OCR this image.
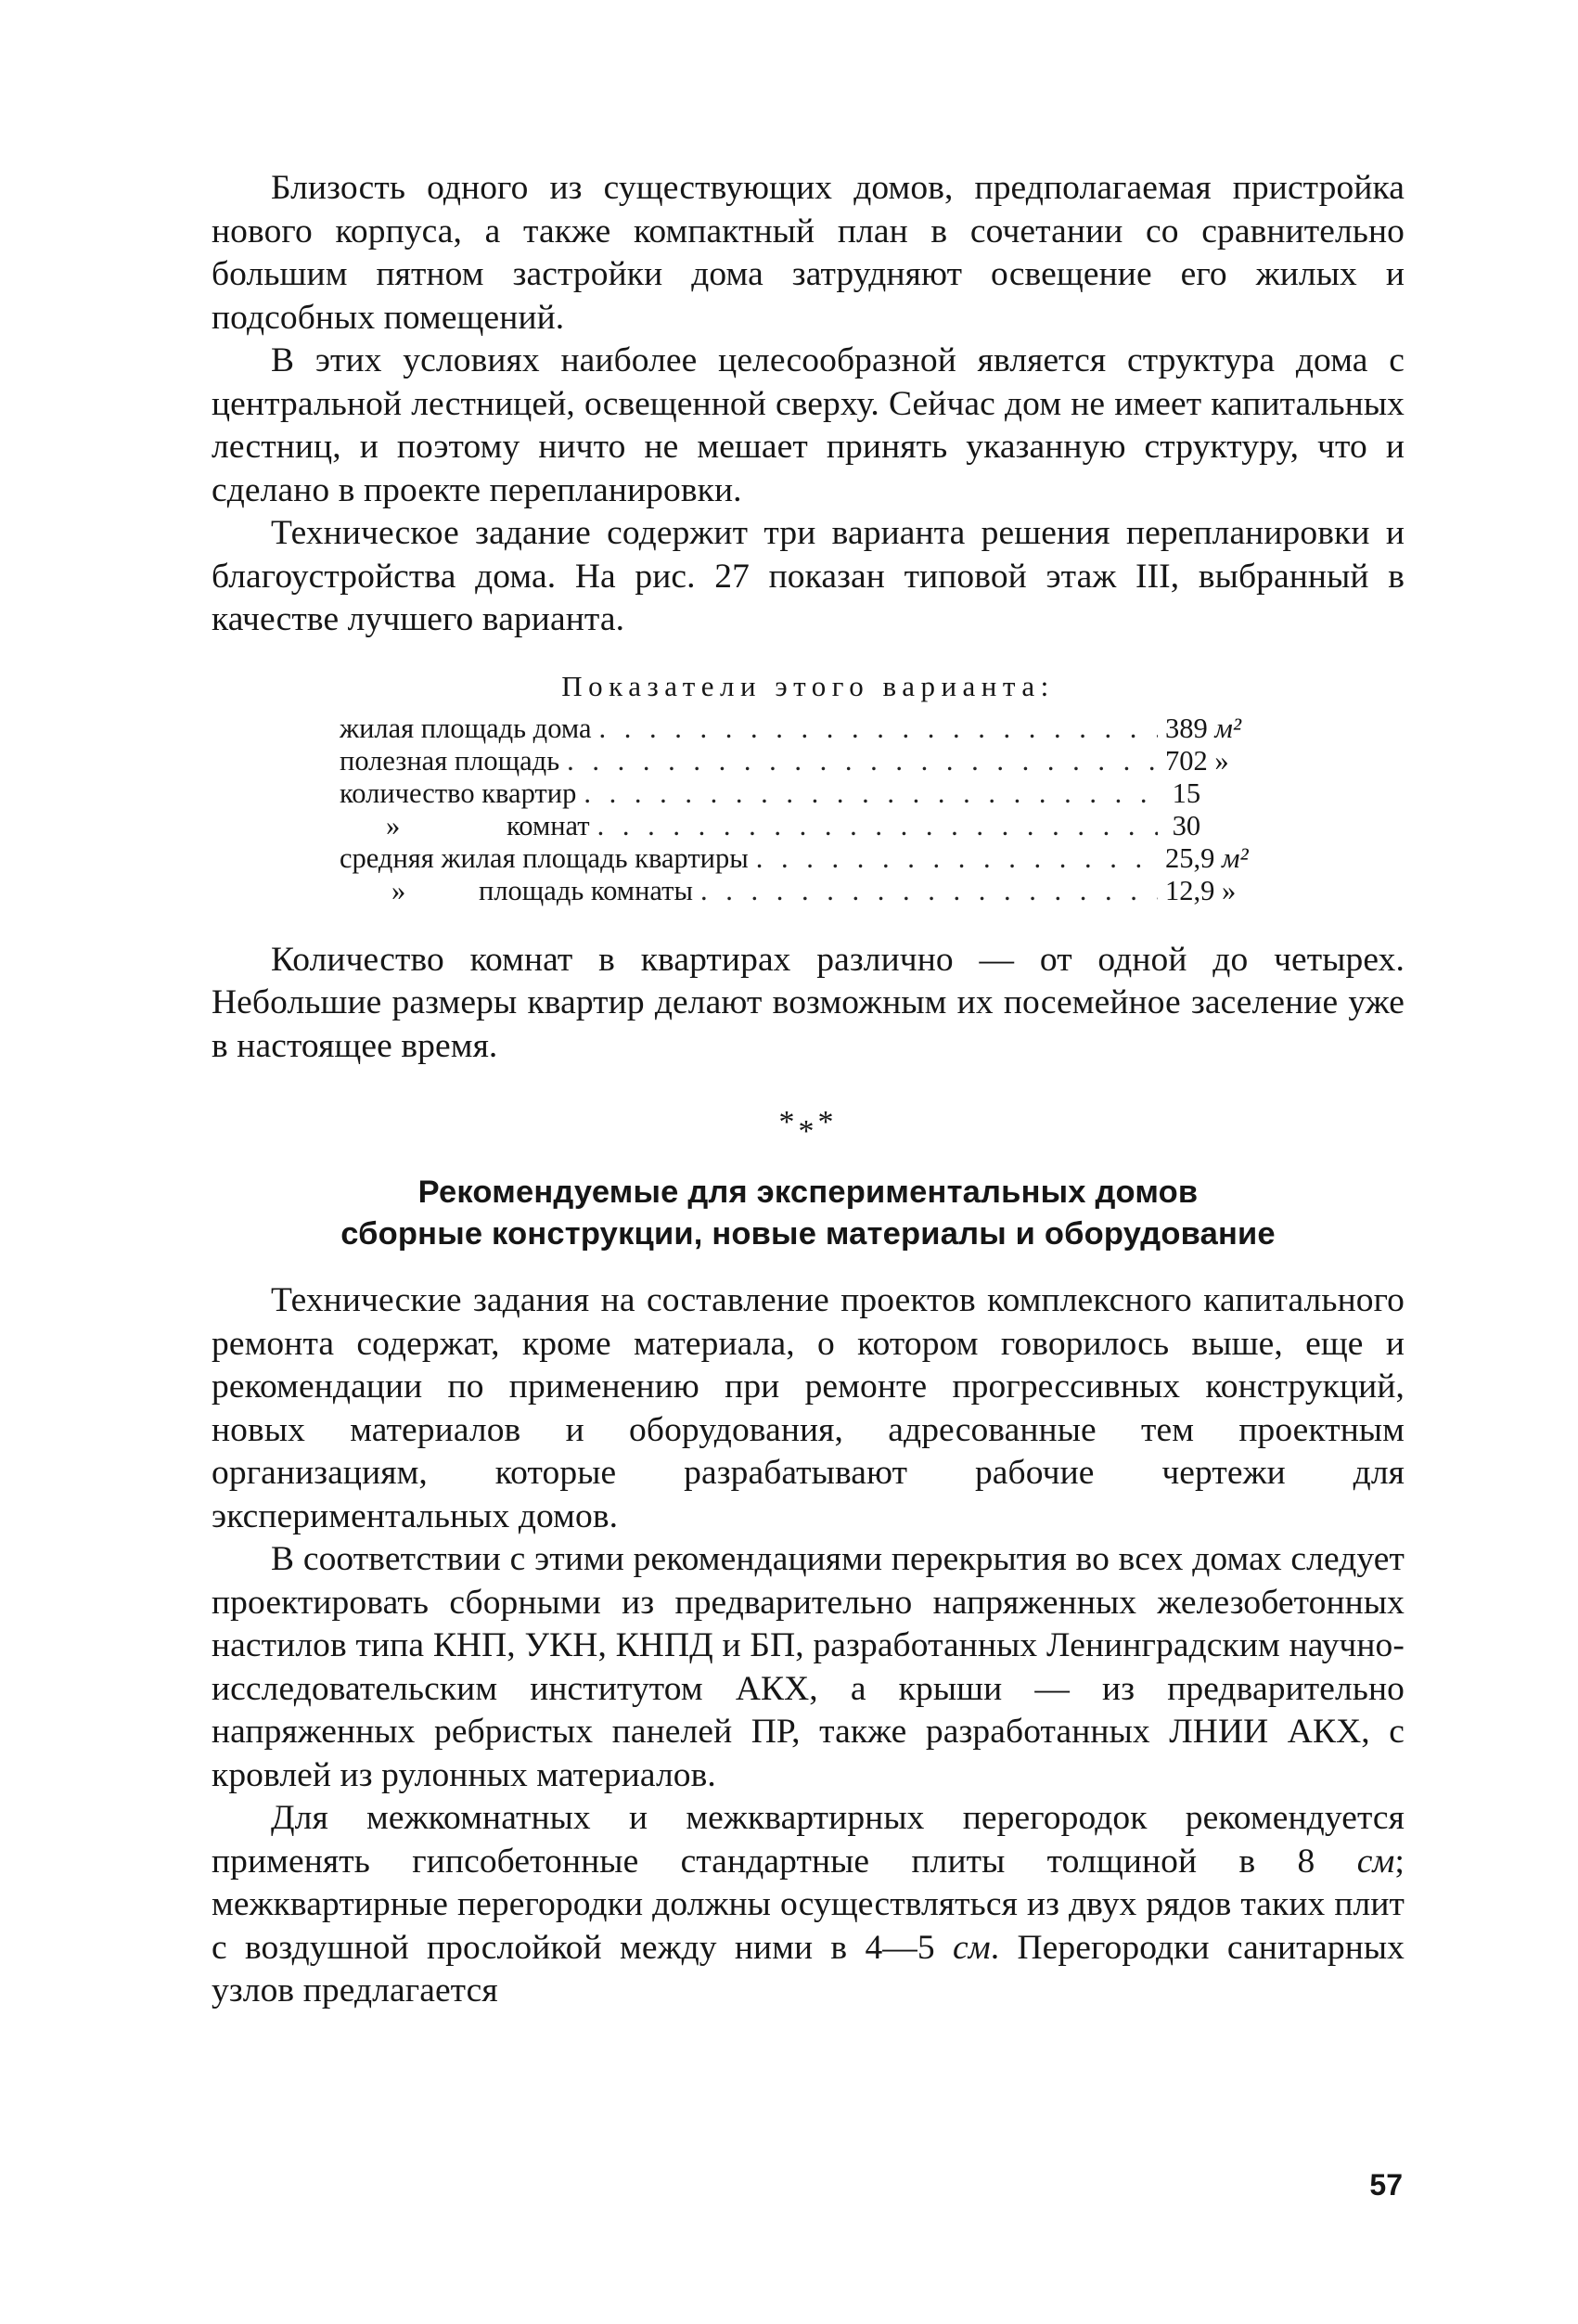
Близость одного из существующих домов, предполагаемая пристройка нового корпуса, а также компактный план в сочетании со сравнительно большим пятном застройки дома затрудняют освещение его жилых и подсобных помещений.

В этих условиях наиболее целесообразной является структура дома с центральной лестницей, освещенной сверху. Сейчас дом не имеет капитальных лестниц, и поэтому ничто не мешает принять указанную структуру, что и сделано в проекте перепланировки.

Техническое задание содержит три варианта решения перепланировки и благоустройства дома. На рис. 27 показан типовой этаж III, выбранный в качестве лучшего варианта.

Показатели этого варианта:
жилая площадь дома . . .	389 м²
полезная площадь . . .	702 »
количество квартир . . .	15
»	комнат . . .	30
средняя жилая площадь квартиры . . .	25,9 м²
»	площадь комнаты . . .	12,9 »

Количество комнат в квартирах различно — от одной до четырех. Небольшие размеры квартир делают возможным их посемейное заселение уже в настоящее время.

***
Рекомендуемые для экспериментальных домов
сборные конструкции, новые материалы и оборудование

Технические задания на составление проектов комплексного капитального ремонта содержат, кроме материала, о котором говорилось выше, еще и рекомендации по применению при ремонте прогрессивных конструкций, новых материалов и оборудования, адресованные тем проектным организациям, которые разрабатывают рабочие чертежи для экспериментальных домов.

В соответствии с этими рекомендациями перекрытия во всех домах следует проектировать сборными из предварительно напряженных железобетонных настилов типа КНП, УКН, КНПД и БП, разработанных Ленинградским научно-исследовательским институтом АКХ, а крыши — из предварительно напряженных ребристых панелей ПР, также разработанных ЛНИИ АКХ, с кровлей из рулонных материалов.

Для межкомнатных и межквартирных перегородок рекомендуется применять гипсобетонные стандартные плиты толщиной в 8 см; межквартирные перегородки должны осуществляться из двух рядов таких плит с воздушной прослойкой между ними в 4—5 см. Перегородки санитарных узлов предлагается

57
